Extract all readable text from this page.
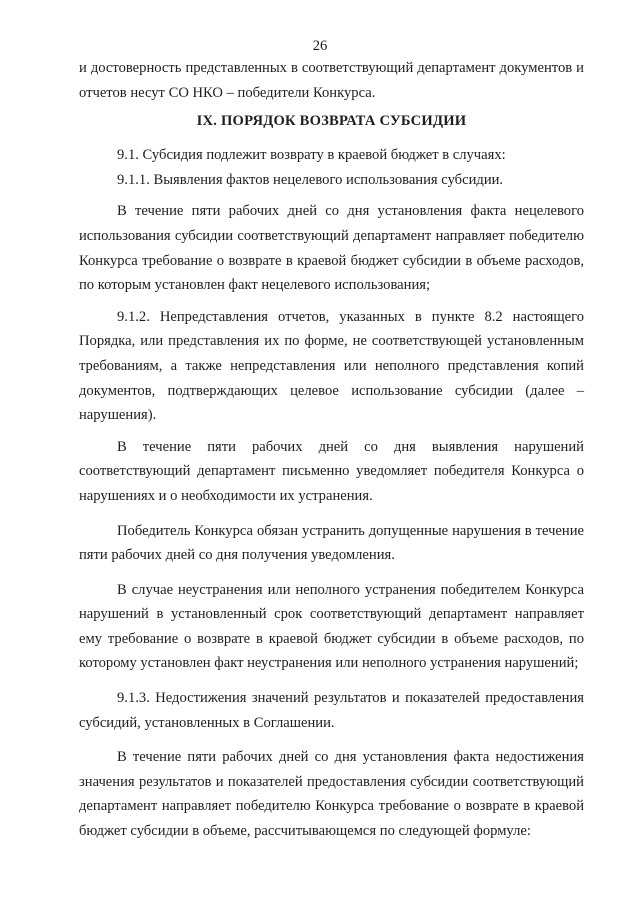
26

и достоверность представленных в соответствующий департамент документов и отчетов несут СО НКО – победители Конкурса.

IX. ПОРЯДОК ВОЗВРАТА СУБСИДИИ

9.1. Субсидия подлежит возврату в краевой бюджет в случаях:

9.1.1. Выявления фактов нецелевого использования субсидии.

В течение пяти рабочих дней со дня установления факта нецелевого использования субсидии соответствующий департамент направляет победителю Конкурса требование о возврате в краевой бюджет субсидии в объеме расходов, по которым установлен факт нецелевого использования;

9.1.2. Непредставления отчетов, указанных в пункте 8.2 настоящего Порядка, или представления их по форме, не соответствующей установленным требованиям, а также непредставления или неполного представления копий документов, подтверждающих целевое использование субсидии (далее – нарушения).

В течение пяти рабочих дней со дня выявления нарушений соответствующий департамент письменно уведомляет победителя Конкурса о нарушениях и о необходимости их устранения.

Победитель Конкурса обязан устранить допущенные нарушения в течение пяти рабочих дней со дня получения уведомления.

В случае неустранения или неполного устранения победителем Конкурса нарушений в установленный срок соответствующий департамент направляет ему требование о возврате в краевой бюджет субсидии в объеме расходов, по которому установлен факт неустранения или неполного устранения нарушений;

9.1.3. Недостижения значений результатов и показателей предоставления субсидий, установленных в Соглашении.

В течение пяти рабочих дней со дня установления факта недостижения значения результатов и показателей предоставления субсидии соответствующий департамент направляет победителю Конкурса требование о возврате в краевой бюджет субсидии в объеме, рассчитывающемся по следующей формуле:
